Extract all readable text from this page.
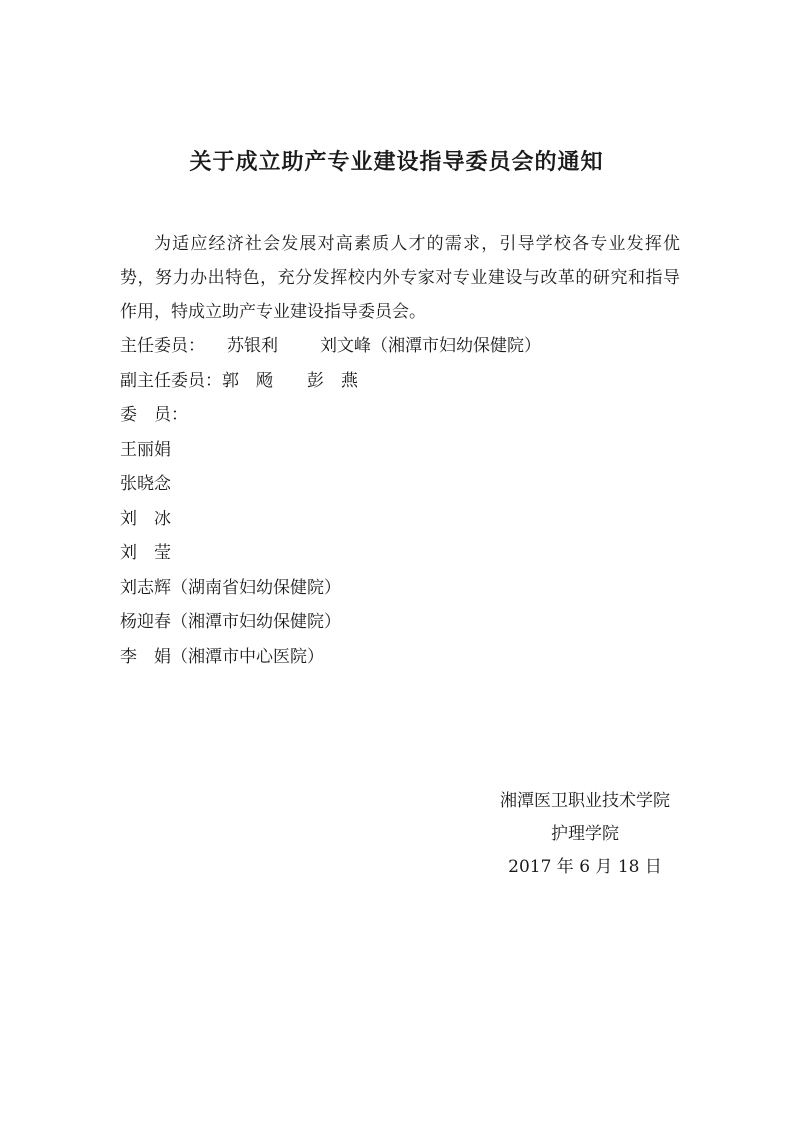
关于成立助产专业建设指导委员会的通知

为适应经济社会发展对高素质人才的需求，引导学校各专业发挥优势，努力办出特色，充分发挥校内外专家对专业建设与改革的研究和指导作用，特成立助产专业建设指导委员会。

主任委员： 苏银利 刘文峰（湘潭市妇幼保健院）

副主任委员：郭　飏 彭　燕

委　员：

王丽娟

张晓念

刘　冰

刘　莹

刘志辉（湖南省妇幼保健院）

杨迎春（湘潭市妇幼保健院）

李　娟（湘潭市中心医院）

湘潭医卫职业技术学院
护理学院
2017 年 6 月 18 日
